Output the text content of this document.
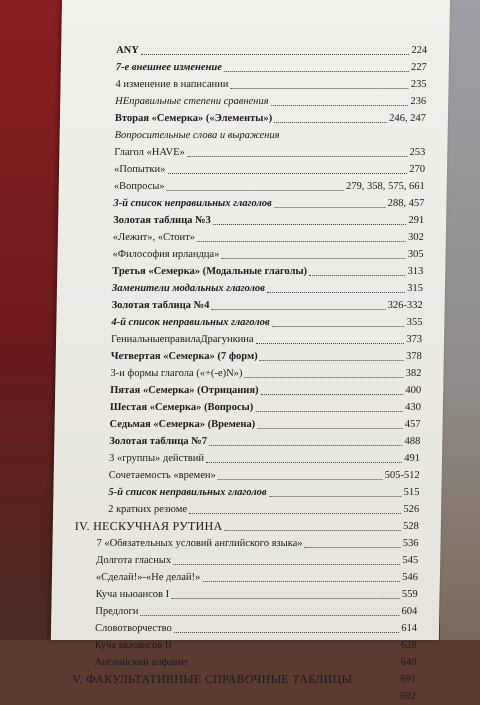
ANY	224
7-е внешнее изменение	227
4 изменение в написании	235
НЕправильные степени сравнения	236
Вторая «Семерка» («Элементы»)	246, 247
Вопросительные слова и выражения
Глагол «HAVE»	253
«Попытки»	270
«Вопросы»	279, 358, 575, 661
3-й список неправильных глаголов	288, 457
Золотая таблица №3	291
«Лежит», «Стоит»	302
«Философия ирландца»	305
Третья «Семерка» (Модальные глаголы)	313
Заменители модальных глаголов	315
Золотая таблица №4	326-332
4-й список неправильных глаголов	355
ГениальныеправилаДрагункина	373
Четвертая «Семерка» (7 форм)	378
3-и формы глагола («+(-е)N»)	382
Пятая «Семерка» (Отрицания)	400
Шестая «Семерка» (Вопросы)	430
Седьмая «Семерка» (Времена)	457
Золотая таблица №7	488
3 «группы» действий	491
Сочетаемость «времен»	505-512
5-й список неправильных глаголов	515
2 кратких резюме	526
IV. НЕСКУЧНАЯ РУТИНА	528
7 «Обязательных условий английского языка»	536
Долгота гласных	545
«Сделай!»-«Не делай!»	546
Куча ньюансов I	559
Предлоги	604
Словотворчество	614
Куча ньюансов II	628
Английский алфавит	640
V. ФАКУЛЬТАТИВНЫЕ СПРАВОЧНЫЕ ТАБЛИЦЫ	691
692
